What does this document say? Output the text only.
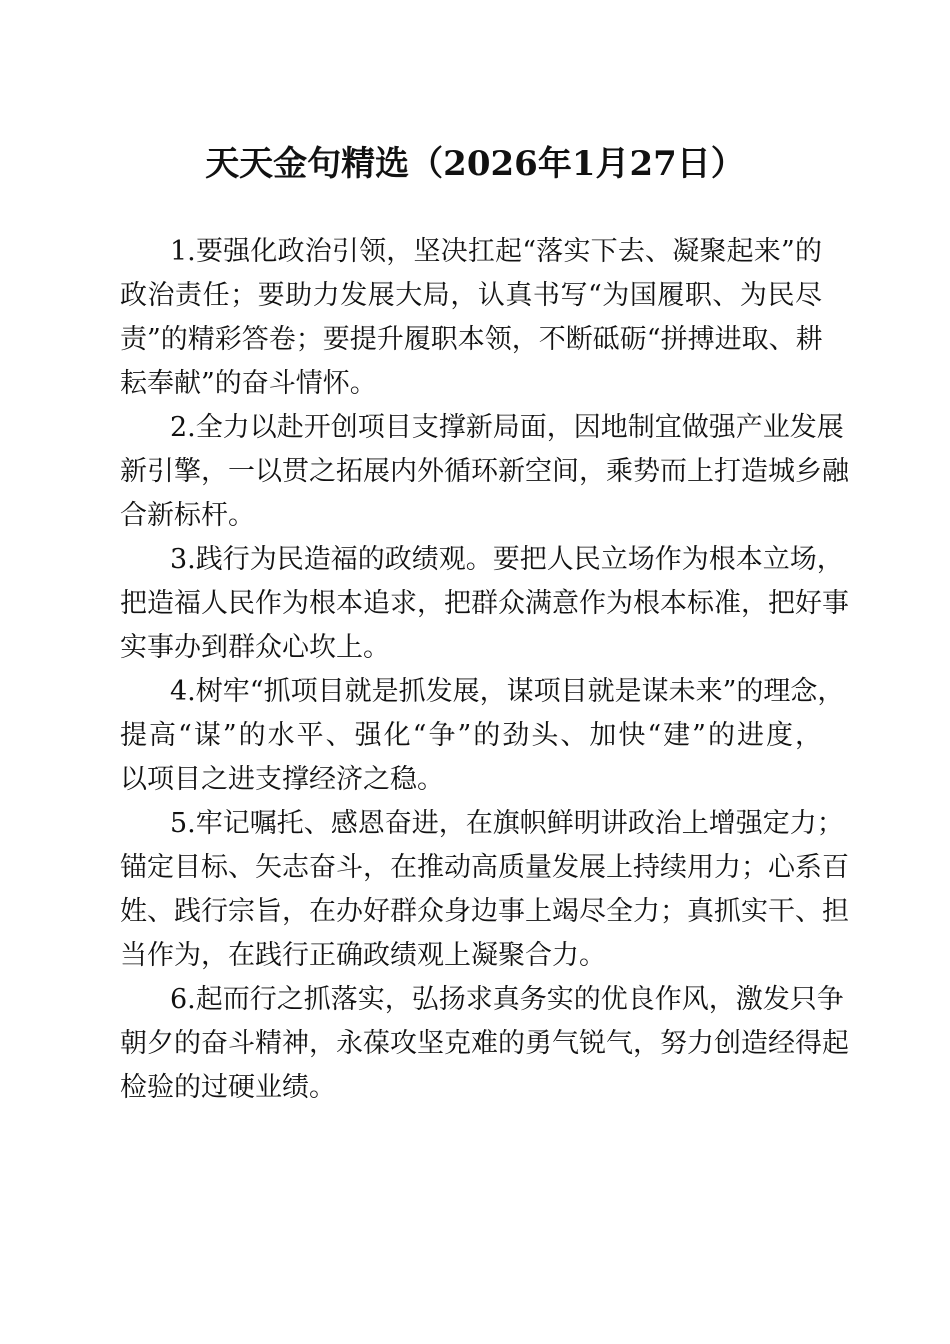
天天金句精选（2026年1月27日）
1.要强化政治引领，坚决扛起“落实下去、凝聚起来”的
政治责任；要助力发展大局，认真书写“为国履职、为民尽
责”的精彩答卷；要提升履职本领，不断砥砺“拼搏进取、耕
耘奉献”的奋斗情怀。
2.全力以赴开创项目支撑新局面，因地制宜做强产业发展
新引擎，一以贯之拓展内外循环新空间，乘势而上打造城乡融
合新标杆。
3.践行为民造福的政绩观。要把人民立场作为根本立场，
把造福人民作为根本追求，把群众满意作为根本标准，把好事
实事办到群众心坎上。
4.树牢“抓项目就是抓发展，谋项目就是谋未来”的理念，
提高“谋”的水平、强化“争”的劲头、加快“建”的进度，
以项目之进支撑经济之稳。
5.牢记嘱托、感恩奋进，在旗帜鲜明讲政治上增强定力；
锚定目标、矢志奋斗，在推动高质量发展上持续用力；心系百
姓、践行宗旨，在办好群众身边事上竭尽全力；真抓实干、担
当作为，在践行正确政绩观上凝聚合力。
6.起而行之抓落实，弘扬求真务实的优良作风，激发只争
朝夕的奋斗精神，永葆攻坚克难的勇气锐气，努力创造经得起
检验的过硬业绩。
